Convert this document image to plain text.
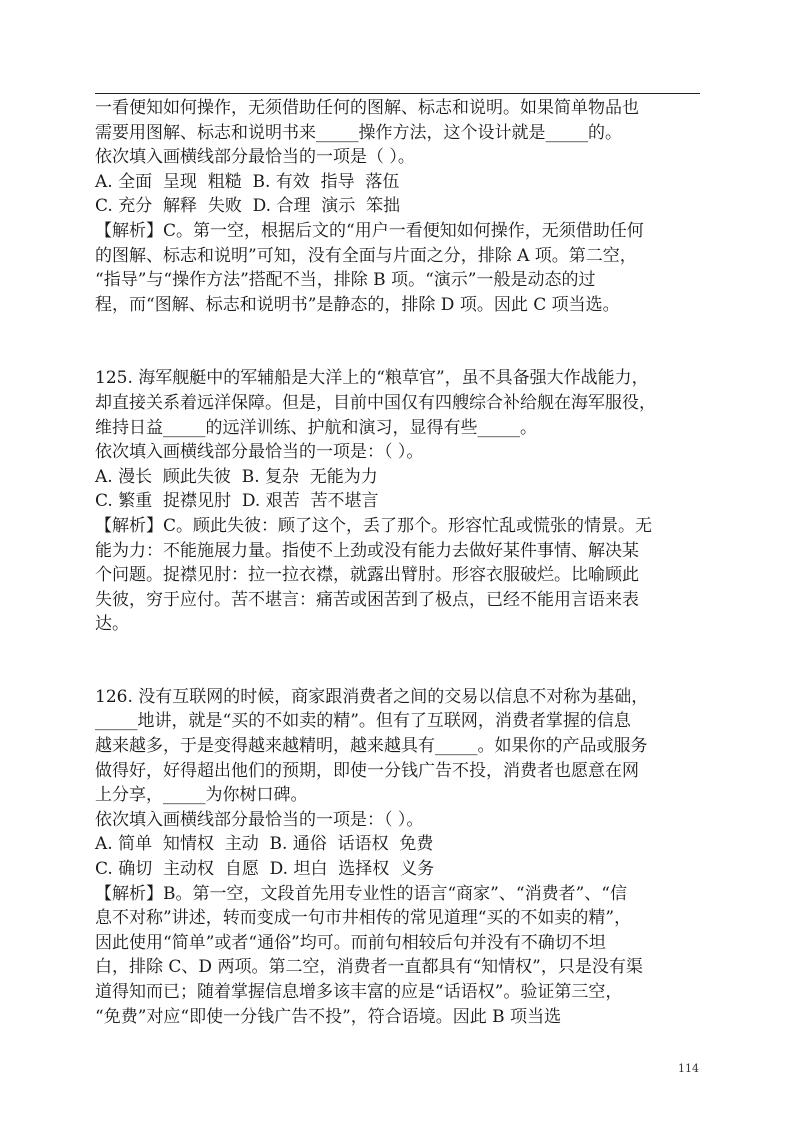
一看便知如何操作，无须借助任何的图解、标志和说明。如果简单物品也
需要用图解、标志和说明书来_____操作方法，这个设计就是_____的。
依次填入画横线部分最恰当的一项是（ ）。
A. 全面  呈现  粗糙  B. 有效  指导  落伍
C. 充分  解释  失败  D. 合理  演示  笨拙
【解析】C。第一空，根据后文的“用户一看便知如何操作，无须借助任何
的图解、标志和说明”可知，没有全面与片面之分，排除 A 项。第二空，
“指导”与“操作方法”搭配不当，排除 B 项。“演示”一般是动态的过
程，而“图解、标志和说明书”是静态的，排除 D 项。因此 C 项当选。
125. 海军舰艇中的军辅船是大洋上的“粮草官”，虽不具备强大作战能力，
却直接关系着远洋保障。但是，目前中国仅有四艘综合补给舰在海军服役，
维持日益_____的远洋训练、护航和演习，显得有些_____。
依次填入画横线部分最恰当的一项是：（ ）。
A. 漫长  顾此失彼  B. 复杂  无能为力
C. 繁重  捉襟见肘  D. 艰苦  苦不堪言
【解析】C。顾此失彼：顾了这个，丢了那个。形容忙乱或慌张的情景。无
能为力：不能施展力量。指使不上劲或没有能力去做好某件事情、解决某
个问题。捉襟见肘：拉一拉衣襟，就露出臂肘。形容衣服破烂。比喻顾此
失彼，穷于应付。苦不堪言：痛苦或困苦到了极点，已经不能用言语来表
达。
126. 没有互联网的时候，商家跟消费者之间的交易以信息不对称为基础，
_____地讲，就是“买的不如卖的精”。但有了互联网，消费者掌握的信息
越来越多，于是变得越来越精明，越来越具有_____。如果你的产品或服务
做得好，好得超出他们的预期，即使一分钱广告不投，消费者也愿意在网
上分享，_____为你树口碑。
依次填入画横线部分最恰当的一项是：（ ）。
A. 简单  知情权  主动  B. 通俗  话语权  免费
C. 确切  主动权  自愿  D. 坦白  选择权  义务
【解析】B。第一空，文段首先用专业性的语言“商家”、“消费者”、“信
息不对称”讲述，转而变成一句市井相传的常见道理“买的不如卖的精”，
因此使用“简单”或者“通俗”均可。而前句相较后句并没有不确切不坦
白，排除 C、D 两项。第二空，消费者一直都具有“知情权”，只是没有渠
道得知而已；随着掌握信息增多该丰富的应是“话语权”。验证第三空，
“免费”对应“即使一分钱广告不投”，符合语境。因此 B 项当选
114
